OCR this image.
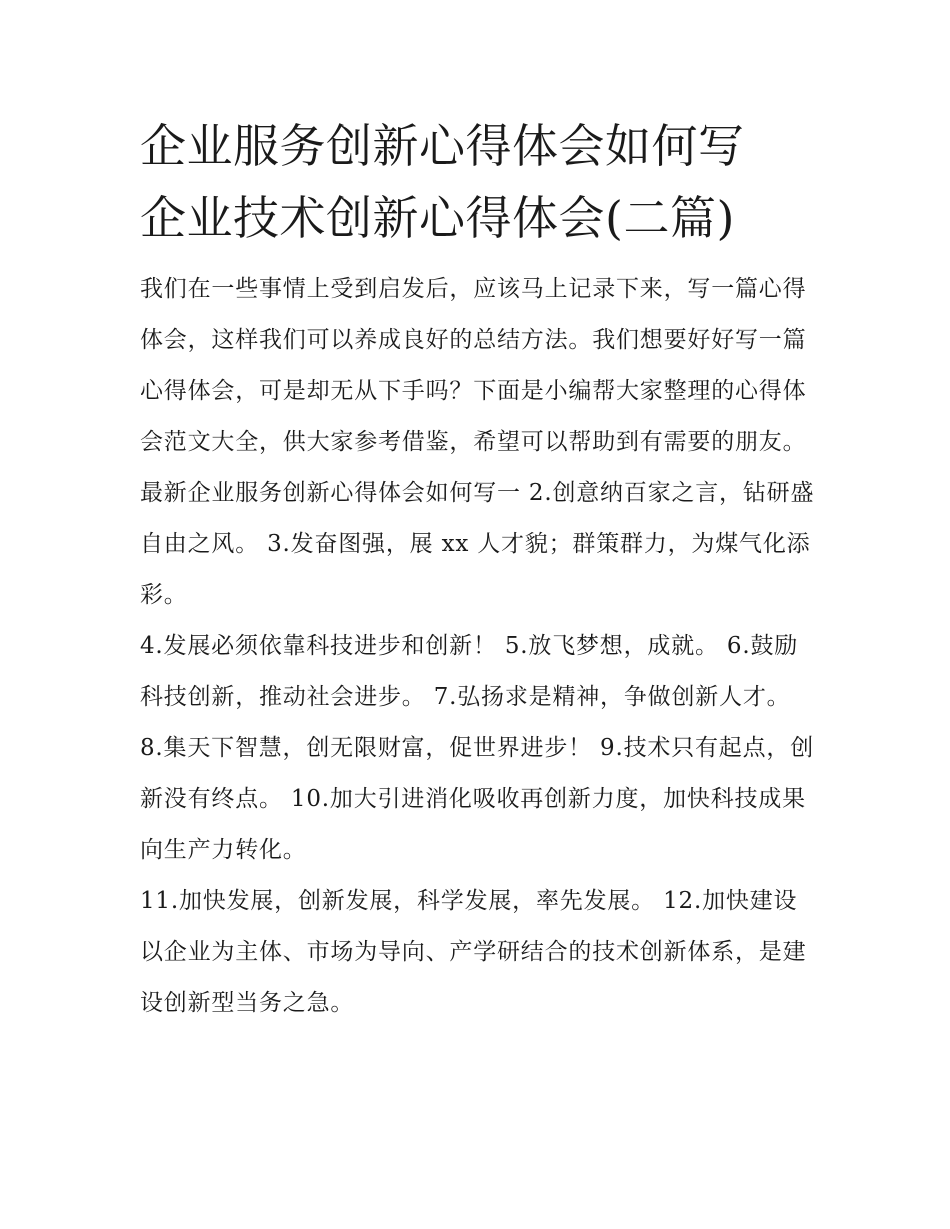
企业服务创新心得体会如何写
企业技术创新心得体会(二篇)

我们在一些事情上受到启发后，应该马上记录下来，写一篇心得体会，这样我们可以养成良好的总结方法。我们想要好好写一篇心得体会，可是却无从下手吗？下面是小编帮大家整理的心得体会范文大全，供大家参考借鉴，希望可以帮助到有需要的朋友。

最新企业服务创新心得体会如何写一 2.创意纳百家之言，钻研盛自由之风。 3.发奋图强，展 xx 人才貌；群策群力，为煤气化添彩。

4.发展必须依靠科技进步和创新！ 5.放飞梦想，成就。 6.鼓励科技创新，推动社会进步。 7.弘扬求是精神，争做创新人才。 8.集天下智慧，创无限财富，促世界进步！ 9.技术只有起点，创新没有终点。 10.加大引进消化吸收再创新力度，加快科技成果向生产力转化。

11.加快发展，创新发展，科学发展，率先发展。 12.加快建设以企业为主体、市场为导向、产学研结合的技术创新体系，是建设创新型当务之急。
